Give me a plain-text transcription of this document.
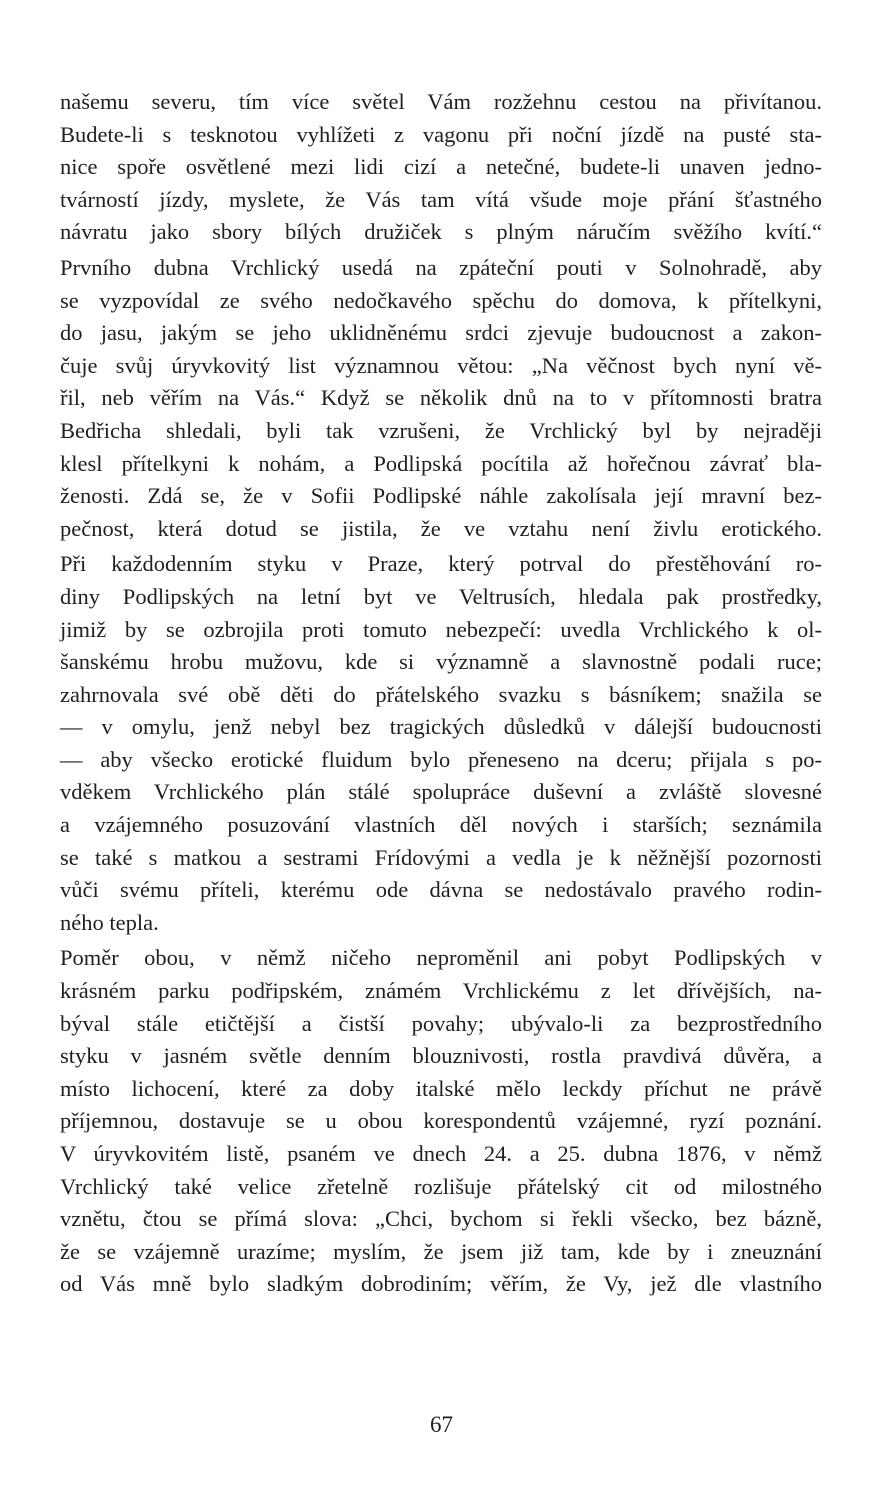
našemu severu, tím více světel Vám rozžehnu cestou na přivítanou.
Budete-li s tesknotou vyhlížeti z vagonu při noční jízdě na pusté sta-
nice spoře osvětlené mezi lidi cizí a netečné, budete-li unaven jedno-
tvárností jízdy, myslete, že Vás tam vítá všude moje přání šťastného
návratu jako sbory bílých družiček s plným náručím svěžího kvítí.“

Prvního dubna Vrchlický usedá na zpáteční pouti v Solnohradě, aby
se vyzpovídal ze svého nedočkavého spěchu do domova, k přítelkyni,
do jasu, jakým se jeho uklidněnému srdci zjevuje budoucnost a zakon-
čuje svůj úryvkovitý list významnou větou: „Na věčnost bych nyní vě-
řil, neb věřím na Vás.“ Když se několik dnů na to v přítomnosti bratra
Bedřicha shledali, byli tak vzrušeni, že Vrchlický byl by nejraději
klesl přítelkyni k nohám, a Podlipská pocítila až hořečnou závrať bla-
ženosti. Zdá se, že v Sofii Podlipské náhle zakolísala její mravní bez-
pečnost, která dotud se jistila, že ve vztahu není živlu erotického.

Při každodenním styku v Praze, který potrval do přestěhování ro-
diny Podlipských na letní byt ve Veltrusích, hledala pak prostředky,
jimiž by se ozbrojila proti tomuto nebezpečí: uvedla Vrchlického k ol-
šanskému hrobu mužovu, kde si významně a slavnostně podali ruce;
zahrnovala své obě děti do přátelského svazku s básníkem; snažila se
— v omylu, jenž nebyl bez tragických důsledků v dálejší budoucnosti
— aby všecko erotické fluidum bylo přeneseno na dceru; přijala s po-
vděkem Vrchlického plán stálé spolupráce duševní a zvláště slovesné
a vzájemného posuzování vlastních děl nových i starších; seznámila
se také s matkou a sestrami Frídovými a vedla je k něžnější pozornosti
vůči svému příteli, kterému ode dávna se nedostávalo pravého rodin-
ného tepla.

Poměr obou, v němž ničeho neproměnil ani pobyt Podlipských v
krásném parku podřipském, známém Vrchlickému z let dřívějších, na-
býval stále etičtější a čistší povahy; ubývalo-li za bezprostředního
styku v jasném světle denním blouznivosti, rostla pravdivá důvěra, a
místo lichocení, které za doby italské mělo leckdy příchut ne právě
příjemnou, dostavuje se u obou korespondentů vzájemné, ryzí poznání.
V úryvkovitém listě, psaném ve dnech 24. a 25. dubna 1876, v němž
Vrchlický také velice zřetelně rozlišuje přátelský cit od milostného
vznětu, čtou se přímá slova: „Chci, bychom si řekli všecko, bez bázně,
že se vzájemně urazíme; myslím, že jsem již tam, kde by i zneuznání
od Vás mně bylo sladkým dobrodiním; věřím, že Vy, jež dle vlastního

67
